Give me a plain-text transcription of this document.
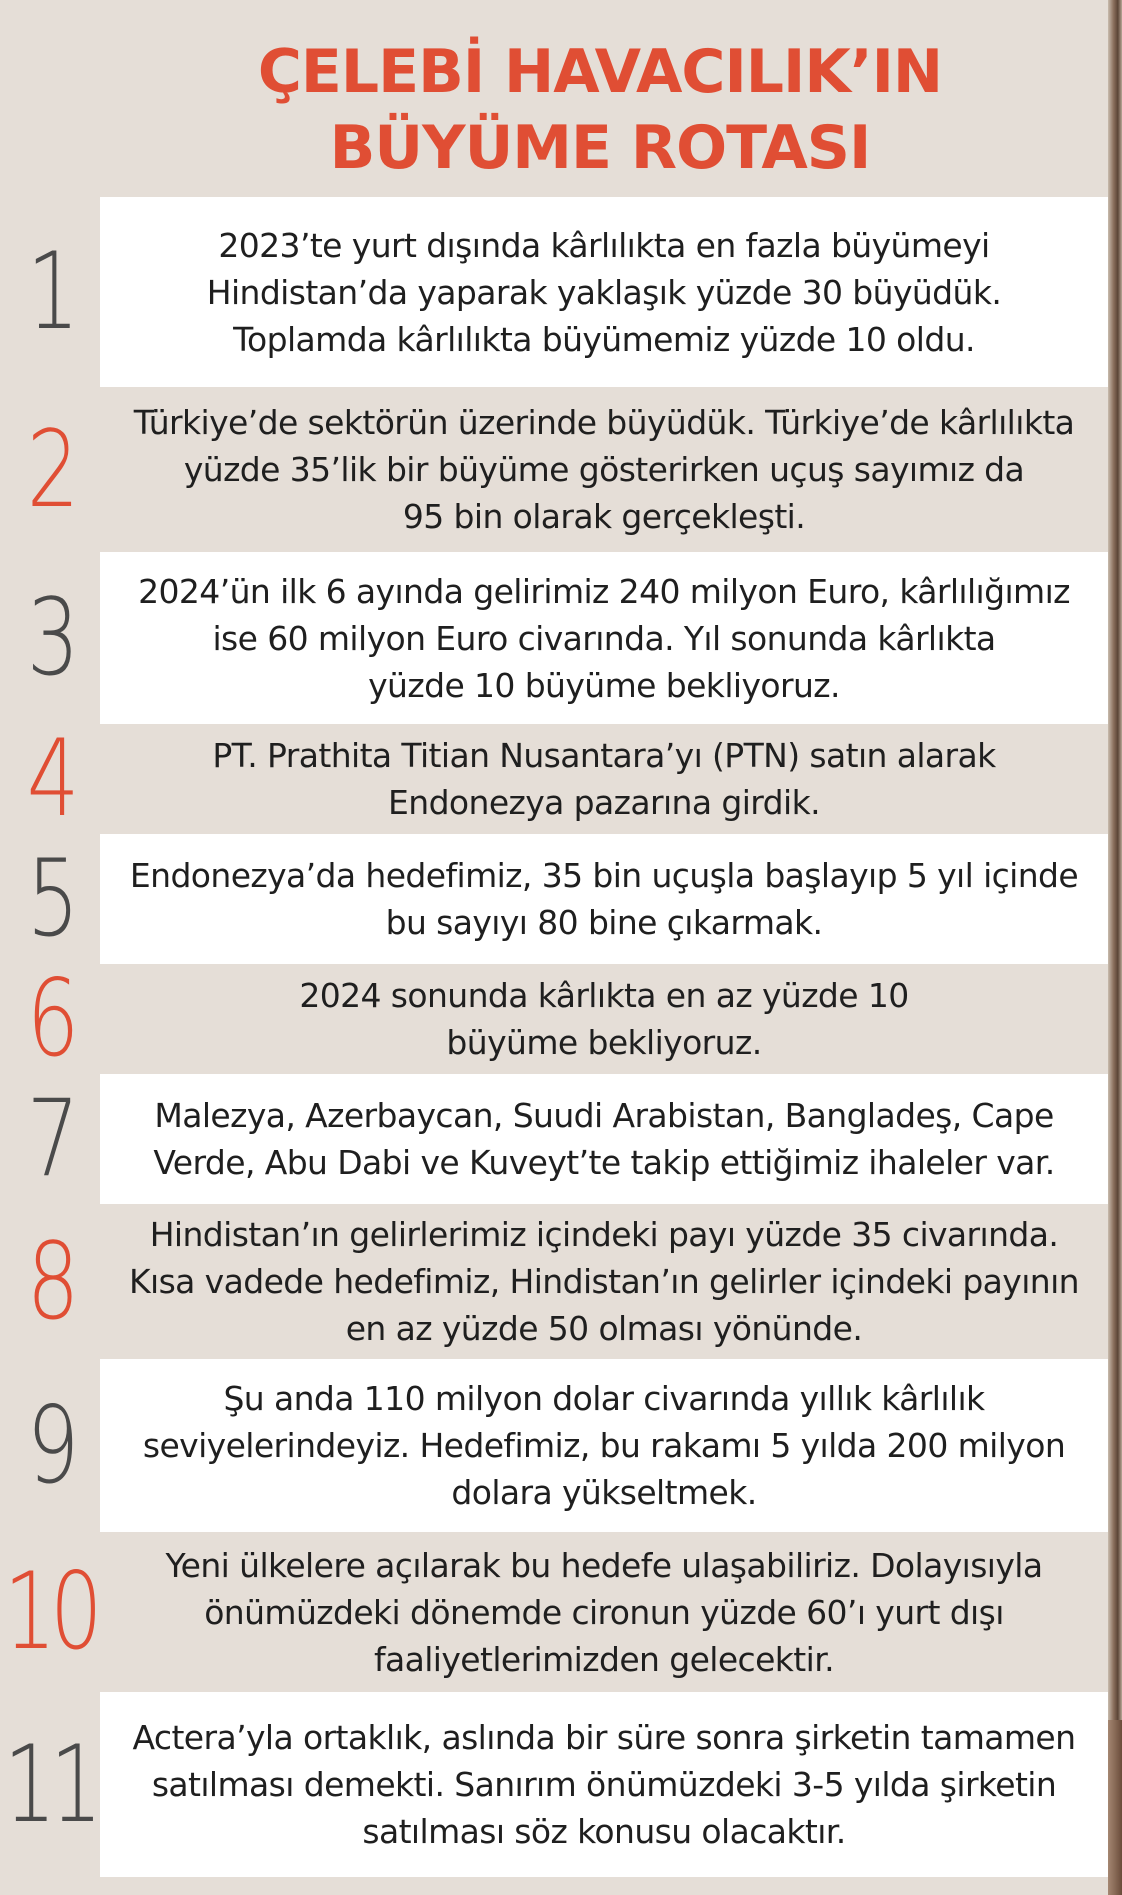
ÇELEBİ HAVACILIK’IN
BÜYÜME ROTASI
1	2023’te yurt dışında kârlılıkta en fazla büyümeyi
Hindistan’da yaparak yaklaşık yüzde 30 büyüdük.
Toplamda kârlılıkta büyümemiz yüzde 10 oldu.
2	Türkiye’de sektörün üzerinde büyüdük. Türkiye’de kârlılıkta
yüzde 35’lik bir büyüme gösterirken uçuş sayımız da
95 bin olarak gerçekleşti.
3	2024’ün ilk 6 ayında gelirimiz 240 milyon Euro, kârlılığımız
ise 60 milyon Euro civarında. Yıl sonunda kârlıkta
yüzde 10 büyüme bekliyoruz.
4	PT. Prathita Titian Nusantara’yı (PTN) satın alarak
Endonezya pazarına girdik.
5	Endonezya’da hedefimiz, 35 bin uçuşla başlayıp 5 yıl içinde
bu sayıyı 80 bine çıkarmak.
6	2024 sonunda kârlıkta en az yüzde 10
büyüme bekliyoruz.
7	Malezya, Azerbaycan, Suudi Arabistan, Bangladeş, Cape
Verde, Abu Dabi ve Kuveyt’te takip ettiğimiz ihaleler var.
8	Hindistan’ın gelirlerimiz içindeki payı yüzde 35 civarında.
Kısa vadede hedefimiz, Hindistan’ın gelirler içindeki payının
en az yüzde 50 olması yönünde.
9	Şu anda 110 milyon dolar civarında yıllık kârlılık
seviyelerindeyiz. Hedefimiz, bu rakamı 5 yılda 200 milyon
dolara yükseltmek.
10 Yeni ülkelere açılarak bu hedefe ulaşabiliriz. Dolayısıyla
önümüzdeki dönemde cironun yüzde 60’ı yurt dışı
faaliyetlerimizden gelecektir.
11 Actera’yla ortaklık, aslında bir süre sonra şirketin tamamen
satılması demekti. Sanırım önümüzdeki 3-5 yılda şirketin
satılması söz konusu olacaktır.
